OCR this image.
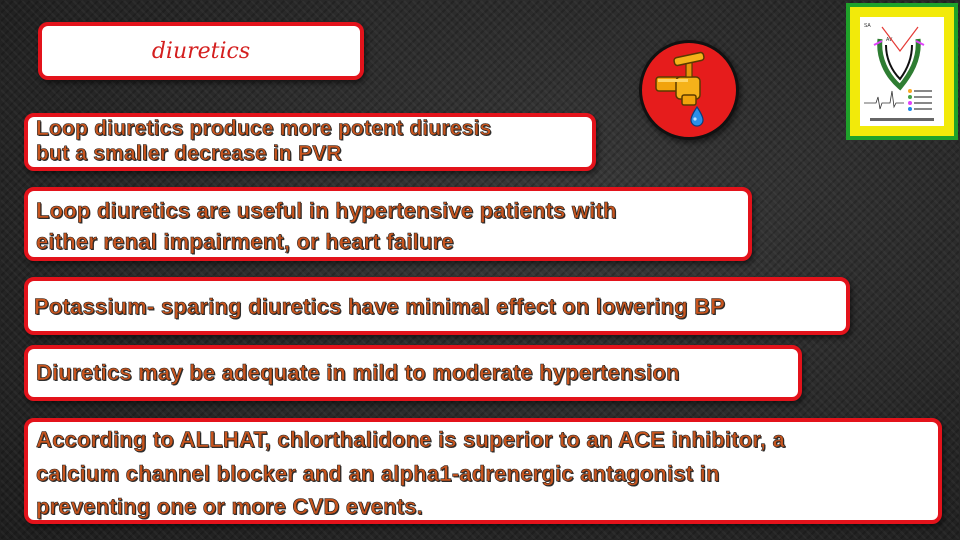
diuretics
SA
AV

Loop diuretics produce more potent diuresis

but a smaller decrease in PVR

Loop diuretics are useful in hypertensive patients with

either renal impairment, or heart failure

Potassium- sparing diuretics have minimal effect on lowering BP

Diuretics may be adequate in mild to moderate hypertension

According to ALLHAT, chlorthalidone is superior to an ACE inhibitor, a

calcium channel blocker and an alpha1-adrenergic antagonist in

preventing one or more CVD events.
